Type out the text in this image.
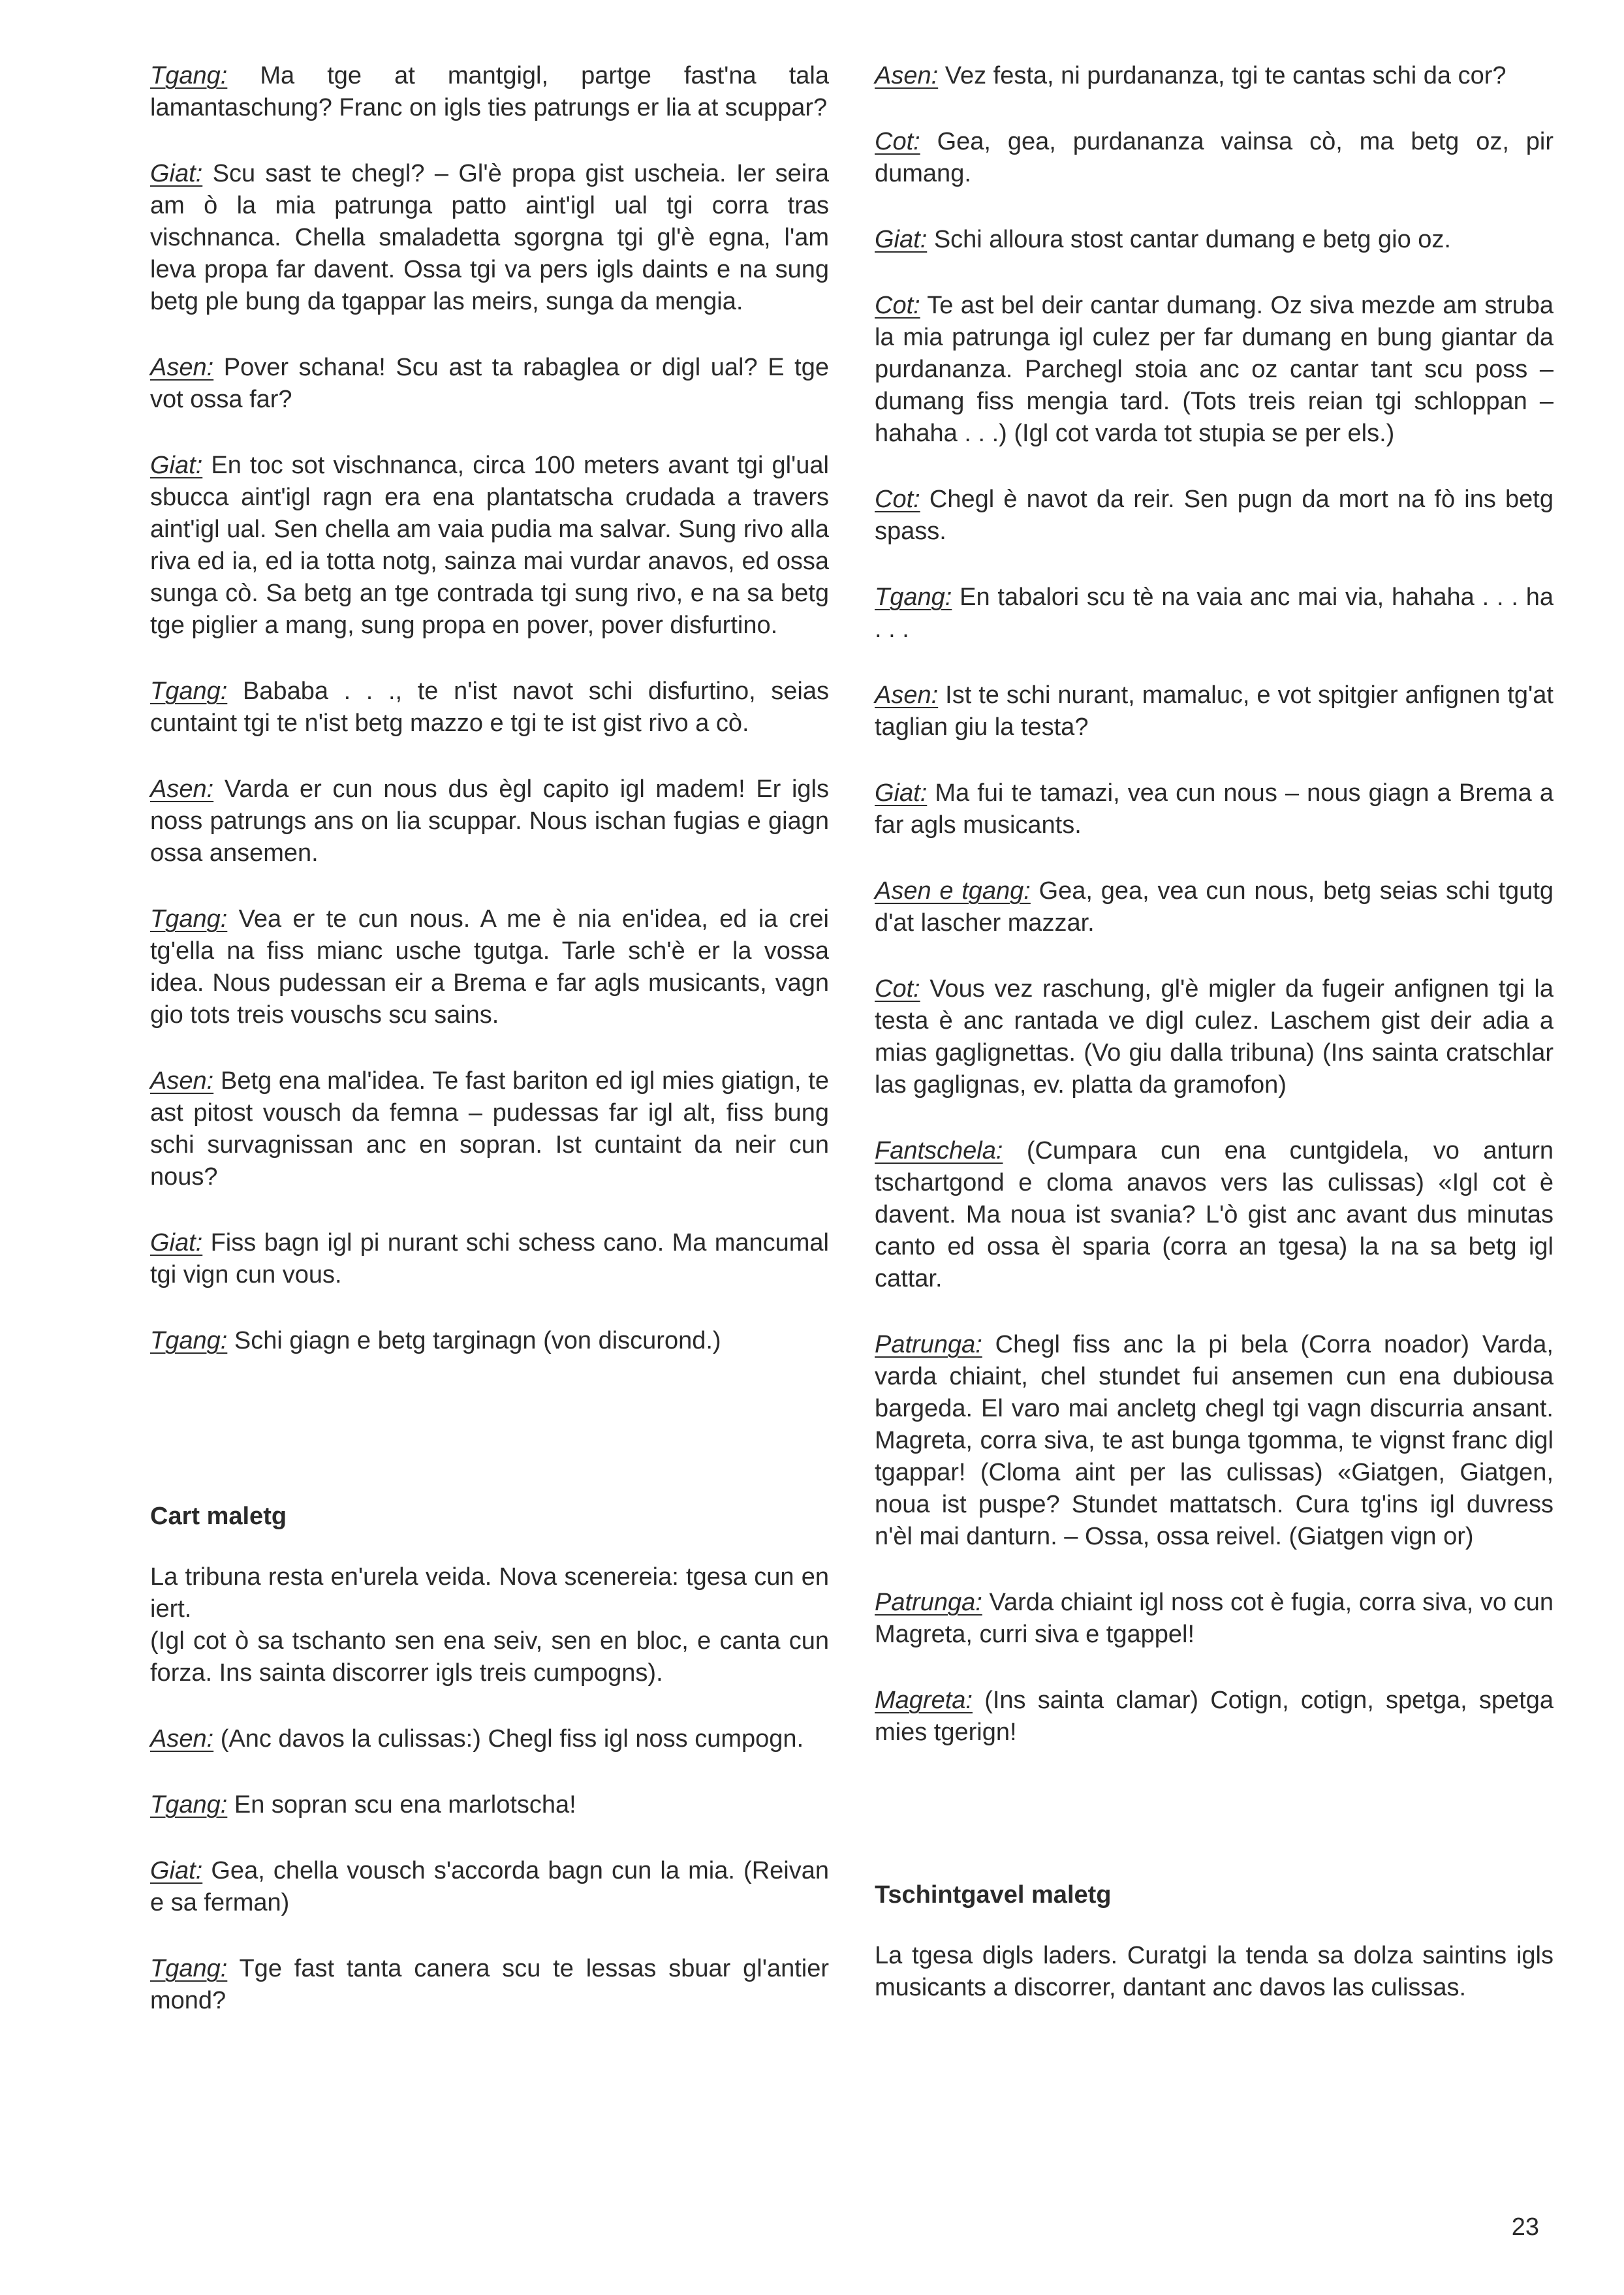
Tgang: Ma tge at mantgigl, partge fast'na tala lamantaschung? Franc on igls ties patrungs er lia at scuppar?

Giat: Scu sast te chegl? – Gl'è propa gist uscheia. Ier seira am ò la mia patrunga patto aint'igl ual tgi corra tras vischnanca. Chella smaladetta sgorgna tgi gl'è egna, l'am leva propa far davent. Ossa tgi va pers igls daints e na sung betg ple bung da tgappar las meirs, sunga da mengia.

Asen: Pover schana! Scu ast ta rabaglea or digl ual? E tge vot ossa far?

Giat: En toc sot vischnanca, circa 100 meters avant tgi gl'ual sbucca aint'igl ragn era ena plantatscha crudada a travers aint'igl ual. Sen chella am vaia pudia ma salvar. Sung rivo alla riva ed ia, ed ia totta notg, sainza mai vurdar anavos, ed ossa sunga cò. Sa betg an tge contrada tgi sung rivo, e na sa betg tge piglier a mang, sung propa en pover, pover disfurtino.

Tgang: Bababa . . ., te n'ist navot schi disfurtino, seias cuntaint tgi te n'ist betg mazzo e tgi te ist gist rivo a cò.

Asen: Varda er cun nous dus ègl capito igl madem! Er igls noss patrungs ans on lia scuppar. Nous ischan fugias e giagn ossa ansemen.

Tgang: Vea er te cun nous. A me è nia en'idea, ed ia crei tg'ella na fiss mianc usche tgutga. Tarle sch'è er la vossa idea. Nous pudessan eir a Brema e far agls musicants, vagn gio tots treis vouschs scu sains.

Asen: Betg ena mal'idea. Te fast bariton ed igl mies giatign, te ast pitost vousch da femna – pudessas far igl alt, fiss bung schi survagnissan anc en sopran. Ist cuntaint da neir cun nous?

Giat: Fiss bagn igl pi nurant schi schess cano. Ma mancumal tgi vign cun vous.

Tgang: Schi giagn e betg targinagn (von discurond.)

Cart maletg

La tribuna resta en'urela veida. Nova scenereia: tgesa cun en iert.

(Igl cot ò sa tschanto sen ena seiv, sen en bloc, e canta cun forza. Ins sainta discorrer igls treis cumpogns).

Asen: (Anc davos la culissas:) Chegl fiss igl noss cumpogn.

Tgang: En sopran scu ena marlotscha!

Giat: Gea, chella vousch s'accorda bagn cun la mia. (Reivan e sa ferman)

Tgang: Tge fast tanta canera scu te lessas sbuar gl'antier mond?

Asen: Vez festa, ni purdananza, tgi te cantas schi da cor?

Cot: Gea, gea, purdananza vainsa cò, ma betg oz, pir dumang.

Giat: Schi alloura stost cantar dumang e betg gio oz.

Cot: Te ast bel deir cantar dumang. Oz siva mezde am struba la mia patrunga igl culez per far dumang en bung giantar da purdananza. Parchegl stoia anc oz cantar tant scu poss – dumang fiss mengia tard. (Tots treis reian tgi schloppan – hahaha . . .) (Igl cot varda tot stupia se per els.)

Cot: Chegl è navot da reir. Sen pugn da mort na fò ins betg spass.

Tgang: En tabalori scu tè na vaia anc mai via, hahaha . . . ha . . .

Asen: Ist te schi nurant, mamaluc, e vot spitgier anfignen tg'at taglian giu la testa?

Giat: Ma fui te tamazi, vea cun nous – nous giagn a Brema a far agls musicants.

Asen e tgang: Gea, gea, vea cun nous, betg seias schi tgutg d'at lascher mazzar.

Cot: Vous vez raschung, gl'è migler da fugeir anfignen tgi la testa è anc rantada ve digl culez. Laschem gist deir adia a mias gaglignettas. (Vo giu dalla tribuna) (Ins sainta cratschlar las gaglignas, ev. platta da gramofon)

Fantschela: (Cumpara cun ena cuntgidela, vo anturn tschartgond e cloma anavos vers las culissas) «Igl cot è davent. Ma noua ist svania? L'ò gist anc avant dus minutas canto ed ossa èl sparia (corra an tgesa) la na sa betg igl cattar.

Patrunga: Chegl fiss anc la pi bela (Corra noador) Varda, varda chiaint, chel stundet fui ansemen cun ena dubiousa bargeda. El varo mai ancletg chegl tgi vagn discurria ansant. Magreta, corra siva, te ast bunga tgomma, te vignst franc digl tgappar! (Cloma aint per las culissas) «Giatgen, Giatgen, noua ist puspe? Stundet mattatsch. Cura tg'ins igl duvress n'èl mai danturn. – Ossa, ossa reivel. (Giatgen vign or)

Patrunga: Varda chiaint igl noss cot è fugia, corra siva, vo cun Magreta, curri siva e tgappel!

Magreta: (Ins sainta clamar) Cotign, cotign, spetga, spetga mies tgerign!

Tschintgavel maletg

La tgesa digls laders. Curatgi la tenda sa dolza saintins igls musicants a discorrer, dantant anc davos las culissas.

23
